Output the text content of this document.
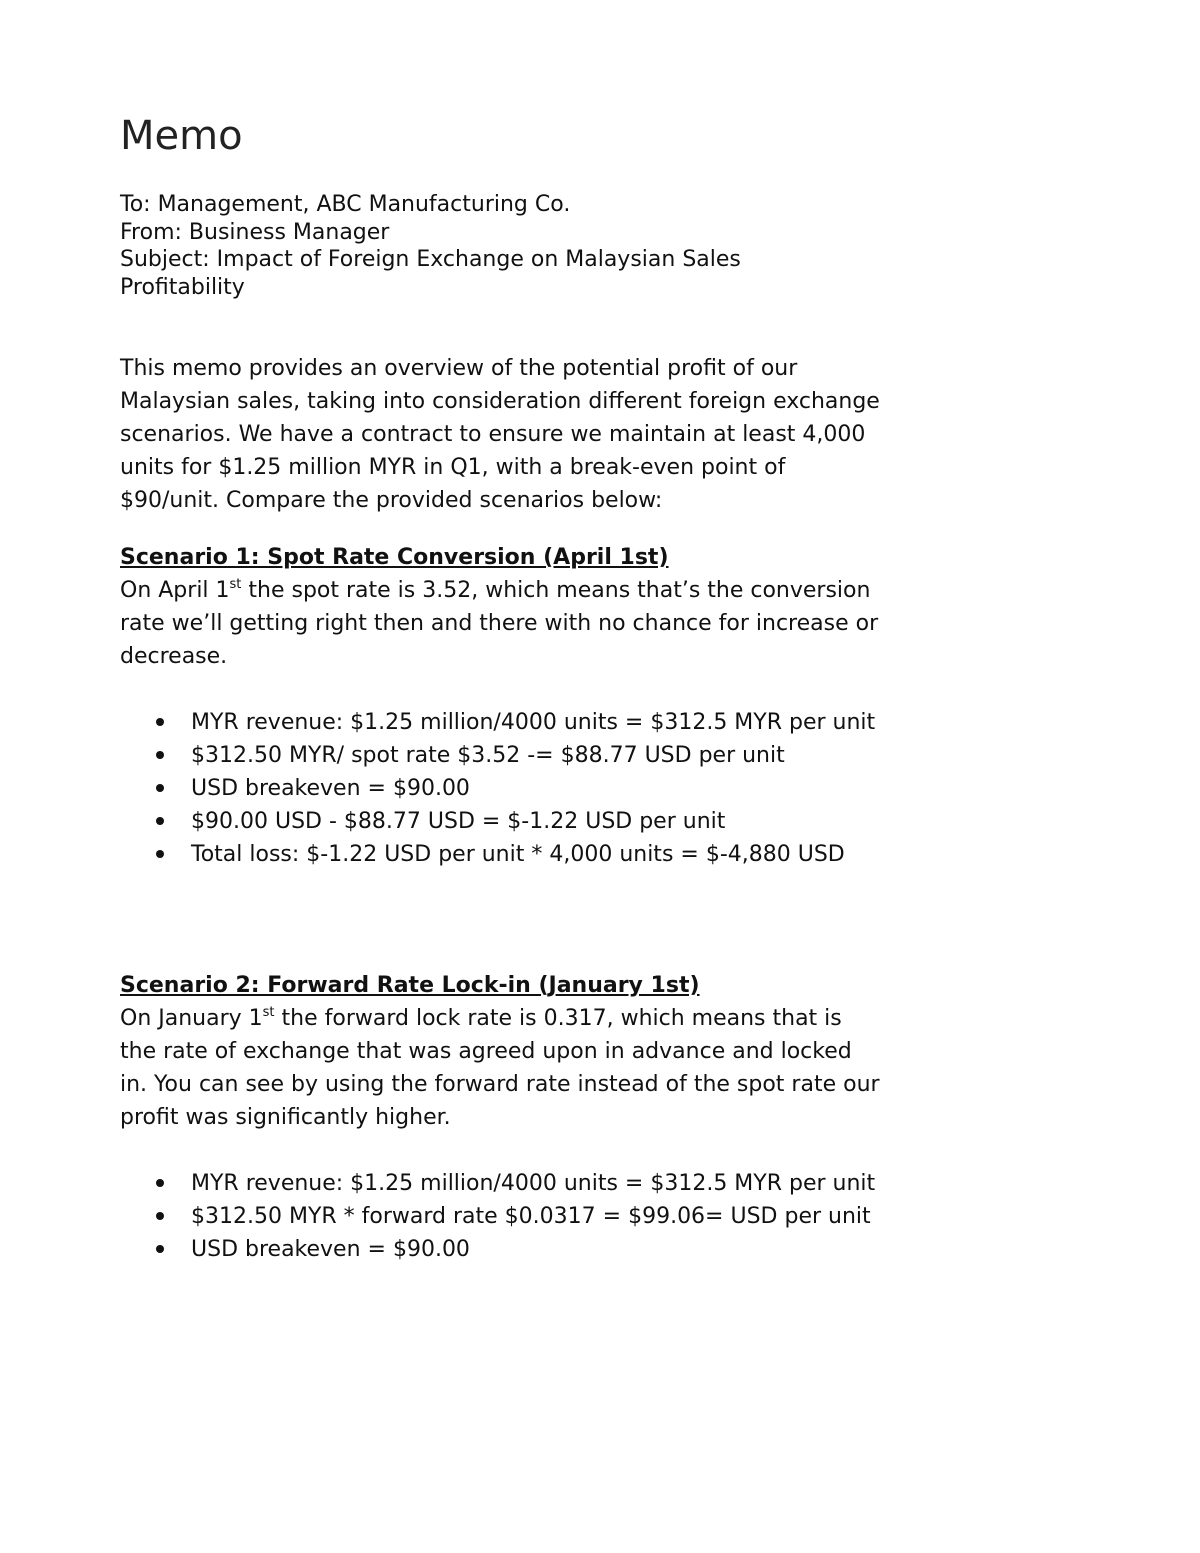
Memo
To: Management, ABC Manufacturing Co.
From: Business Manager
Subject: Impact of Foreign Exchange on Malaysian Sales
Profitability

This memo provides an overview of the potential profit of our Malaysian sales, taking into consideration different foreign exchange scenarios. We have a contract to ensure we maintain at least 4,000 units for $1.25 million MYR in Q1, with a break-even point of $90/unit. Compare the provided scenarios below:

Scenario 1: Spot Rate Conversion (April 1st)

On April 1st the spot rate is 3.52, which means that’s the conversion rate we’ll getting right then and there with no chance for increase or decrease.

MYR revenue: $1.25 million/4000 units = $312.5 MYR per unit
$312.50 MYR/ spot rate $3.52 -= $88.77 USD per unit
USD breakeven = $90.00
$90.00 USD - $88.77 USD = $-1.22 USD per unit
Total loss: $-1.22 USD per unit * 4,000 units = $-4,880 USD
Scenario 2: Forward Rate Lock-in (January 1st)

On January 1st the forward lock rate is 0.317, which means that is the rate of exchange that was agreed upon in advance and locked in. You can see by using the forward rate instead of the spot rate our profit was significantly higher.

MYR revenue: $1.25 million/4000 units = $312.5 MYR per unit
$312.50 MYR * forward rate $0.0317 = $99.06= USD per unit
USD breakeven = $90.00
